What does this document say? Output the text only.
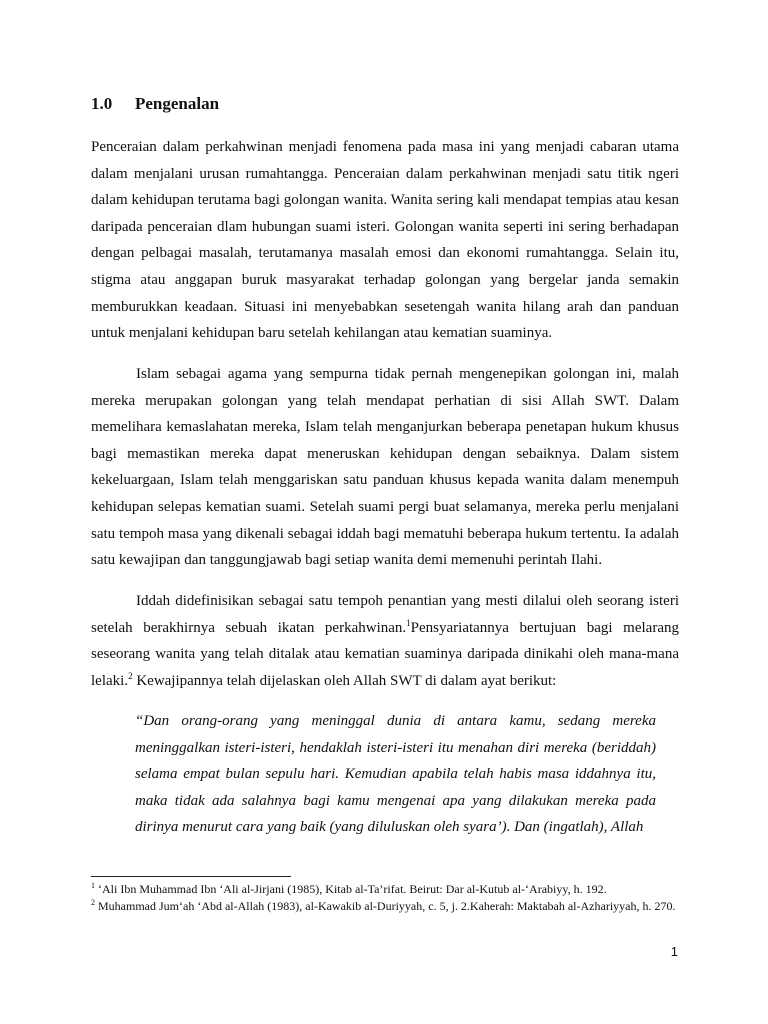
1.0 Pengenalan

Penceraian dalam perkahwinan menjadi fenomena pada masa ini yang menjadi cabaran utama dalam menjalani urusan rumahtangga. Penceraian dalam perkahwinan menjadi satu titik ngeri dalam kehidupan terutama bagi golongan wanita. Wanita sering kali mendapat tempias atau kesan daripada penceraian dlam hubungan suami isteri. Golongan wanita seperti ini sering berhadapan dengan pelbagai masalah, terutamanya masalah emosi dan ekonomi rumahtangga. Selain itu, stigma atau anggapan buruk masyarakat terhadap golongan yang bergelar janda semakin memburukkan keadaan. Situasi ini menyebabkan sesetengah wanita hilang arah dan panduan untuk menjalani kehidupan baru setelah kehilangan atau kematian suaminya.

Islam sebagai agama yang sempurna tidak pernah mengenepikan golongan ini, malah mereka merupakan golongan yang telah mendapat perhatian di sisi Allah SWT. Dalam memelihara kemaslahatan mereka, Islam telah menganjurkan beberapa penetapan hukum khusus bagi memastikan mereka dapat meneruskan kehidupan dengan sebaiknya. Dalam sistem kekeluargaan, Islam telah menggariskan satu panduan khusus kepada wanita dalam menempuh kehidupan selepas kematian suami. Setelah suami pergi buat selamanya, mereka perlu menjalani satu tempoh masa yang dikenali sebagai iddah bagi mematuhi beberapa hukum tertentu. Ia adalah satu kewajipan dan tanggungjawab bagi setiap wanita demi memenuhi perintah Ilahi.

Iddah didefinisikan sebagai satu tempoh penantian yang mesti dilalui oleh seorang isteri setelah berakhirnya sebuah ikatan perkahwinan.$^1$Pensyariatannya bertujuan bagi melarang seseorang wanita yang telah ditalak atau kematian suaminya daripada dinikahi oleh mana-mana lelaki.$^2$ Kewajipannya telah dijelaskan oleh Allah SWT di dalam ayat berikut:

“Dan orang-orang yang meninggal dunia di antara kamu, sedang mereka meninggalkan isteri-isteri, hendaklah isteri-isteri itu menahan diri mereka (beriddah) selama empat bulan sepulu hari. Kemudian apabila telah habis masa iddahnya itu, maka tidak ada salahnya bagi kamu mengenai apa yang dilakukan mereka pada dirinya menurut cara yang baik (yang diluluskan oleh syara’). Dan (ingatlah), Allah

$^1$ ‘Ali Ibn Muhammad Ibn ‘Ali al-Jirjani (1985), Kitab al-Ta’rifat. Beirut: Dar al-Kutub al-‘Arabiyy, h. 192.
$^2$ Muhammad Jum‘ah ‘Abd al-Allah (1983), al-Kawakib al-Duriyyah, c. 5, j. 2.Kaherah: Maktabah al-Azhariyyah, h. 270.
1
